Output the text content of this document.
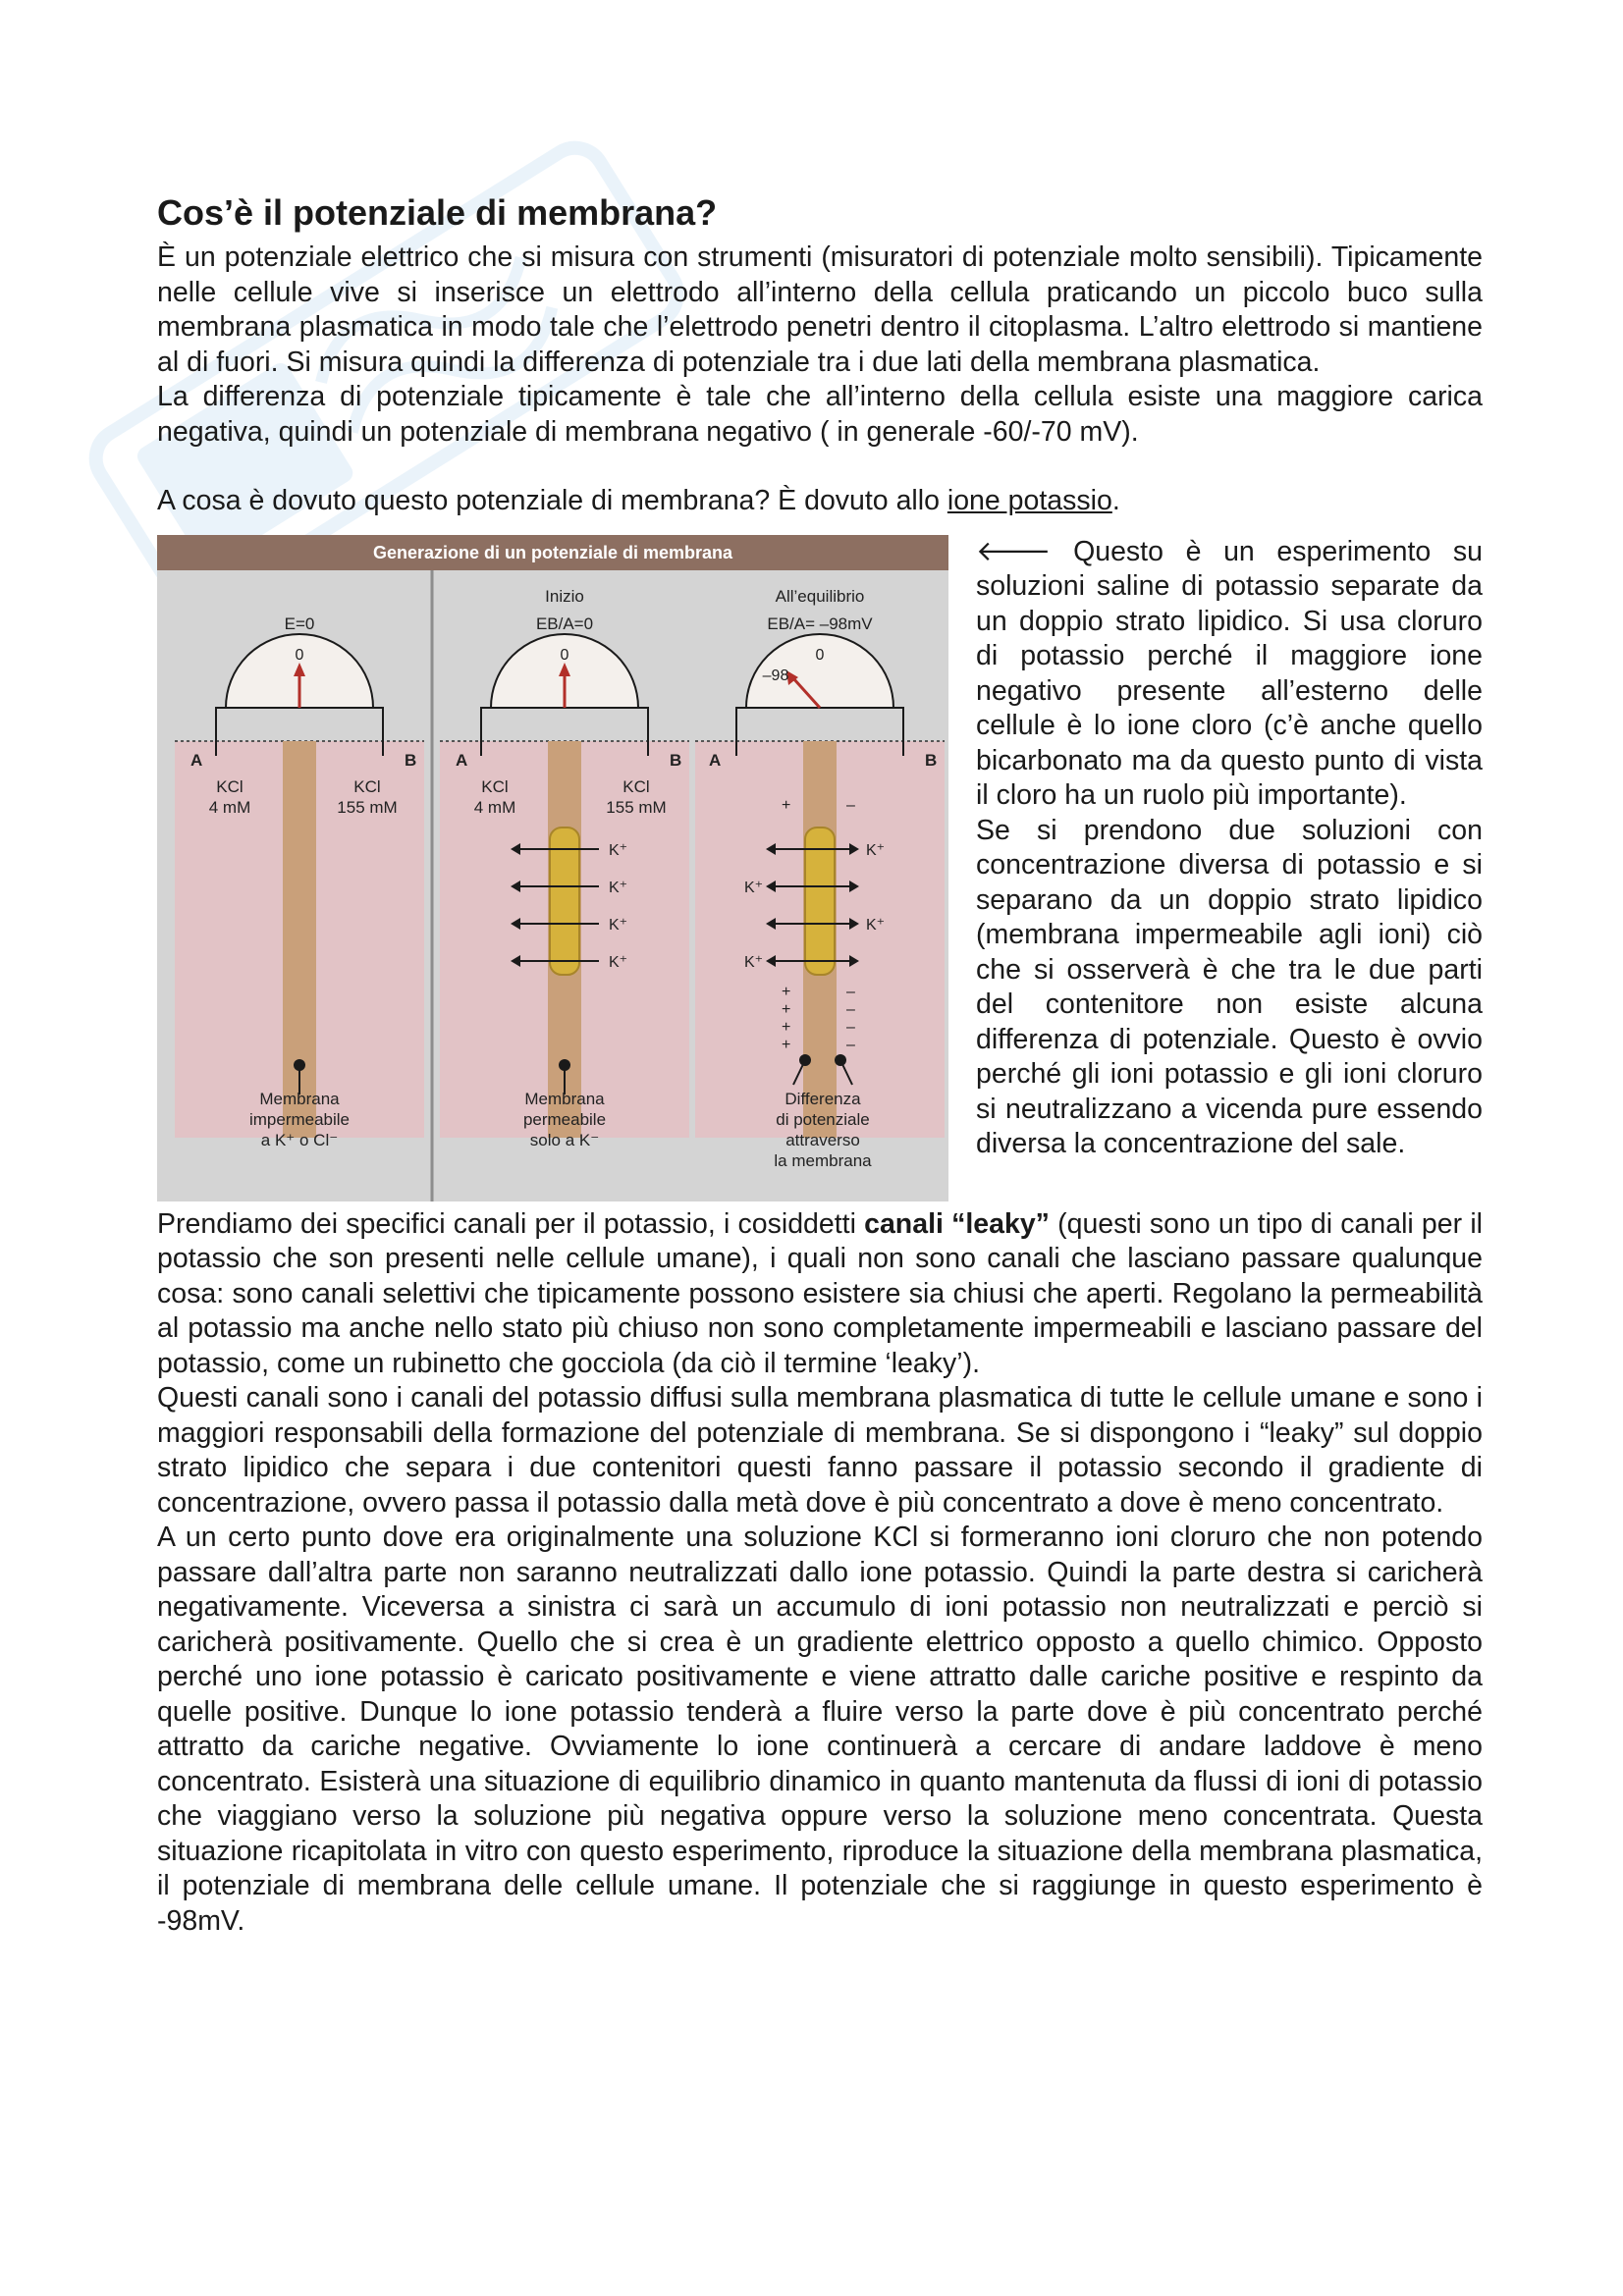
Cos’è il potenziale di membrana?

È un potenziale elettrico che si misura con strumenti (misuratori di potenziale molto sensibili). Tipicamente nelle cellule vive si inserisce un elettrodo all’interno della cellula praticando un piccolo buco sulla membrana plasmatica in modo tale che l’elettrodo penetri dentro il citoplasma. L’altro elettrodo si mantiene al di fuori. Si misura quindi la differenza di potenziale tra i due lati della membrana plasmatica.

La differenza di potenziale tipicamente è tale che all’interno della cellula esiste una maggiore carica negativa, quindi un potenziale di membrana negativo ( in generale -60/-70 mV).

A cosa è dovuto questo potenziale di membrana? È dovuto allo ione potassio.

Generazione di un potenziale di membrana
E=0
0
A	B
KCl
4 mM
KCl
155 mM
Membrana
impermeabile
a K⁺ o Cl⁻
Inizio
EB/A=0
0
A	B
KCl
4 mM
KCl
155 mM
K⁺
K⁺
K⁺
K⁺
Membrana
permeabile
solo a K⁻
All’equilibrio
EB/A= –98mV
0
–98
A	B
+	–
+	–
+	–
+	–
+	–
K⁺
K⁺
K⁺
K⁺
Differenza
di potenziale
attraverso
la membrana

🡐 Questo è un esperimento su soluzioni saline di potassio separate da un doppio strato lipidico. Si usa cloruro di potassio perché il maggiore ione negativo presente all’esterno delle cellule è lo ione cloro (c’è anche quello bicarbonato ma da questo punto di vista il cloro ha un ruolo più importante).

Se si prendono due soluzioni con concentrazione diversa di potassio e si separano da un doppio strato lipidico (membrana impermeabile agli ioni) ciò che si osserverà è che tra le due parti del contenitore non esiste alcuna differenza di potenziale. Questo è ovvio perché gli ioni potassio e gli ioni cloruro si neutralizzano a vicenda pure essendo diversa la concentrazione del sale.

Prendiamo dei specifici canali per il potassio, i cosiddetti canali “leaky” (questi sono un tipo di canali per il potassio che son presenti nelle cellule umane), i quali non sono canali che lasciano passare qualunque cosa: sono canali selettivi che tipicamente possono esistere sia chiusi che aperti. Regolano la permeabilità al potassio ma anche nello stato più chiuso non sono completamente impermeabili e lasciano passare del potassio, come un rubinetto che gocciola (da ciò il termine ‘leaky’).

Questi canali sono i canali del potassio diffusi sulla membrana plasmatica di tutte le cellule umane e sono i maggiori responsabili della formazione del potenziale di membrana. Se si dispongono i “leaky” sul doppio strato lipidico che separa i due contenitori questi fanno passare il potassio secondo il gradiente di concentrazione, ovvero passa il potassio dalla metà dove è più concentrato a dove è meno concentrato.

A un certo punto dove era originalmente una soluzione KCl si formeranno ioni cloruro che non potendo passare dall’altra parte non saranno neutralizzati dallo ione potassio. Quindi la parte destra si caricherà negativamente. Viceversa a sinistra ci sarà un accumulo di ioni potassio non neutralizzati e perciò si caricherà positivamente. Quello che si crea è un gradiente elettrico opposto a quello chimico. Opposto perché uno ione potassio è caricato positivamente e viene attratto dalle cariche positive e respinto da quelle positive. Dunque lo ione potassio tenderà a fluire verso la parte dove è più concentrato perché attratto da cariche negative. Ovviamente lo ione continuerà a cercare di andare laddove è meno concentrato. Esisterà una situazione di equilibrio dinamico in quanto mantenuta da flussi di ioni di potassio che viaggiano verso la soluzione più negativa oppure verso la soluzione meno concentrata. Questa situazione ricapitolata in vitro con questo esperimento, riproduce la situazione della membrana plasmatica, il potenziale di membrana delle cellule umane. Il potenziale che si raggiunge in questo esperimento è -98mV.
